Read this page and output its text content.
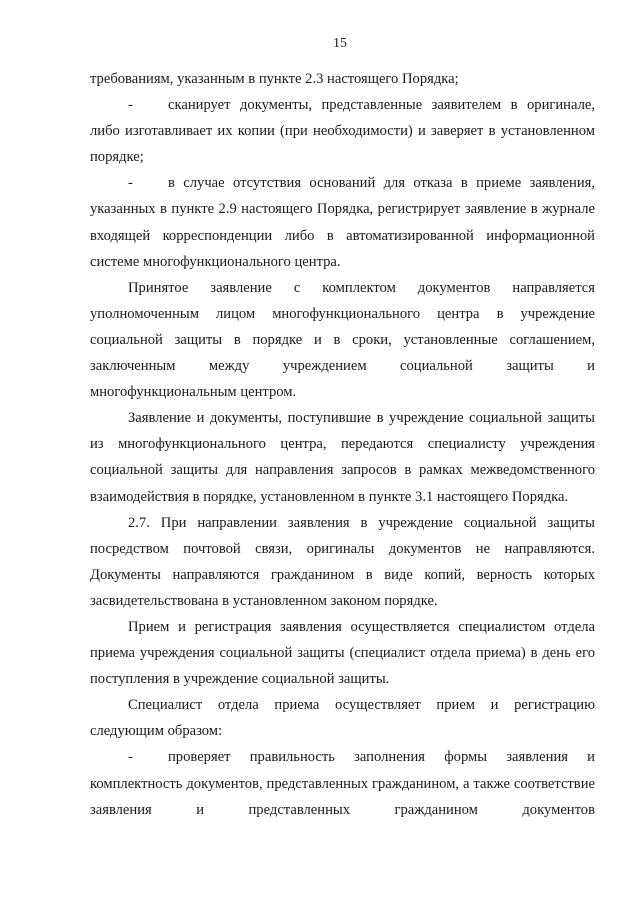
15

требованиям, указанным в пункте 2.3 настоящего Порядка;

- сканирует документы, представленные заявителем в оригинале, либо изготавливает их копии (при необходимости) и заверяет в установленном порядке;

- в случае отсутствия оснований для отказа в приеме заявления, указанных в пункте 2.9 настоящего Порядка, регистрирует заявление в журнале входящей корреспонденции либо в автоматизированной информационной системе многофункционального центра.

Принятое заявление с комплектом документов направляется уполномоченным лицом многофункционального центра в учреждение социальной защиты в порядке и в сроки, установленные соглашением, заключенным между учреждением социальной защиты и многофункциональным центром.

Заявление и документы, поступившие в учреждение социальной защиты из многофункционального центра, передаются специалисту учреждения социальной защиты для направления запросов в рамках межведомственного взаимодействия в порядке, установленном в пункте 3.1 настоящего Порядка.

2.7. При направлении заявления в учреждение социальной защиты посредством почтовой связи, оригиналы документов не направляются. Документы направляются гражданином в виде копий, верность которых засвидетельствована в установленном законом порядке.

Прием и регистрация заявления осуществляется специалистом отдела приема учреждения социальной защиты (специалист отдела приема) в день его поступления в учреждение социальной защиты.

Специалист отдела приема осуществляет прием и регистрацию следующим образом:

- проверяет правильность заполнения формы заявления и комплектность документов, представленных гражданином, а также соответствие заявления и представленных гражданином документов
